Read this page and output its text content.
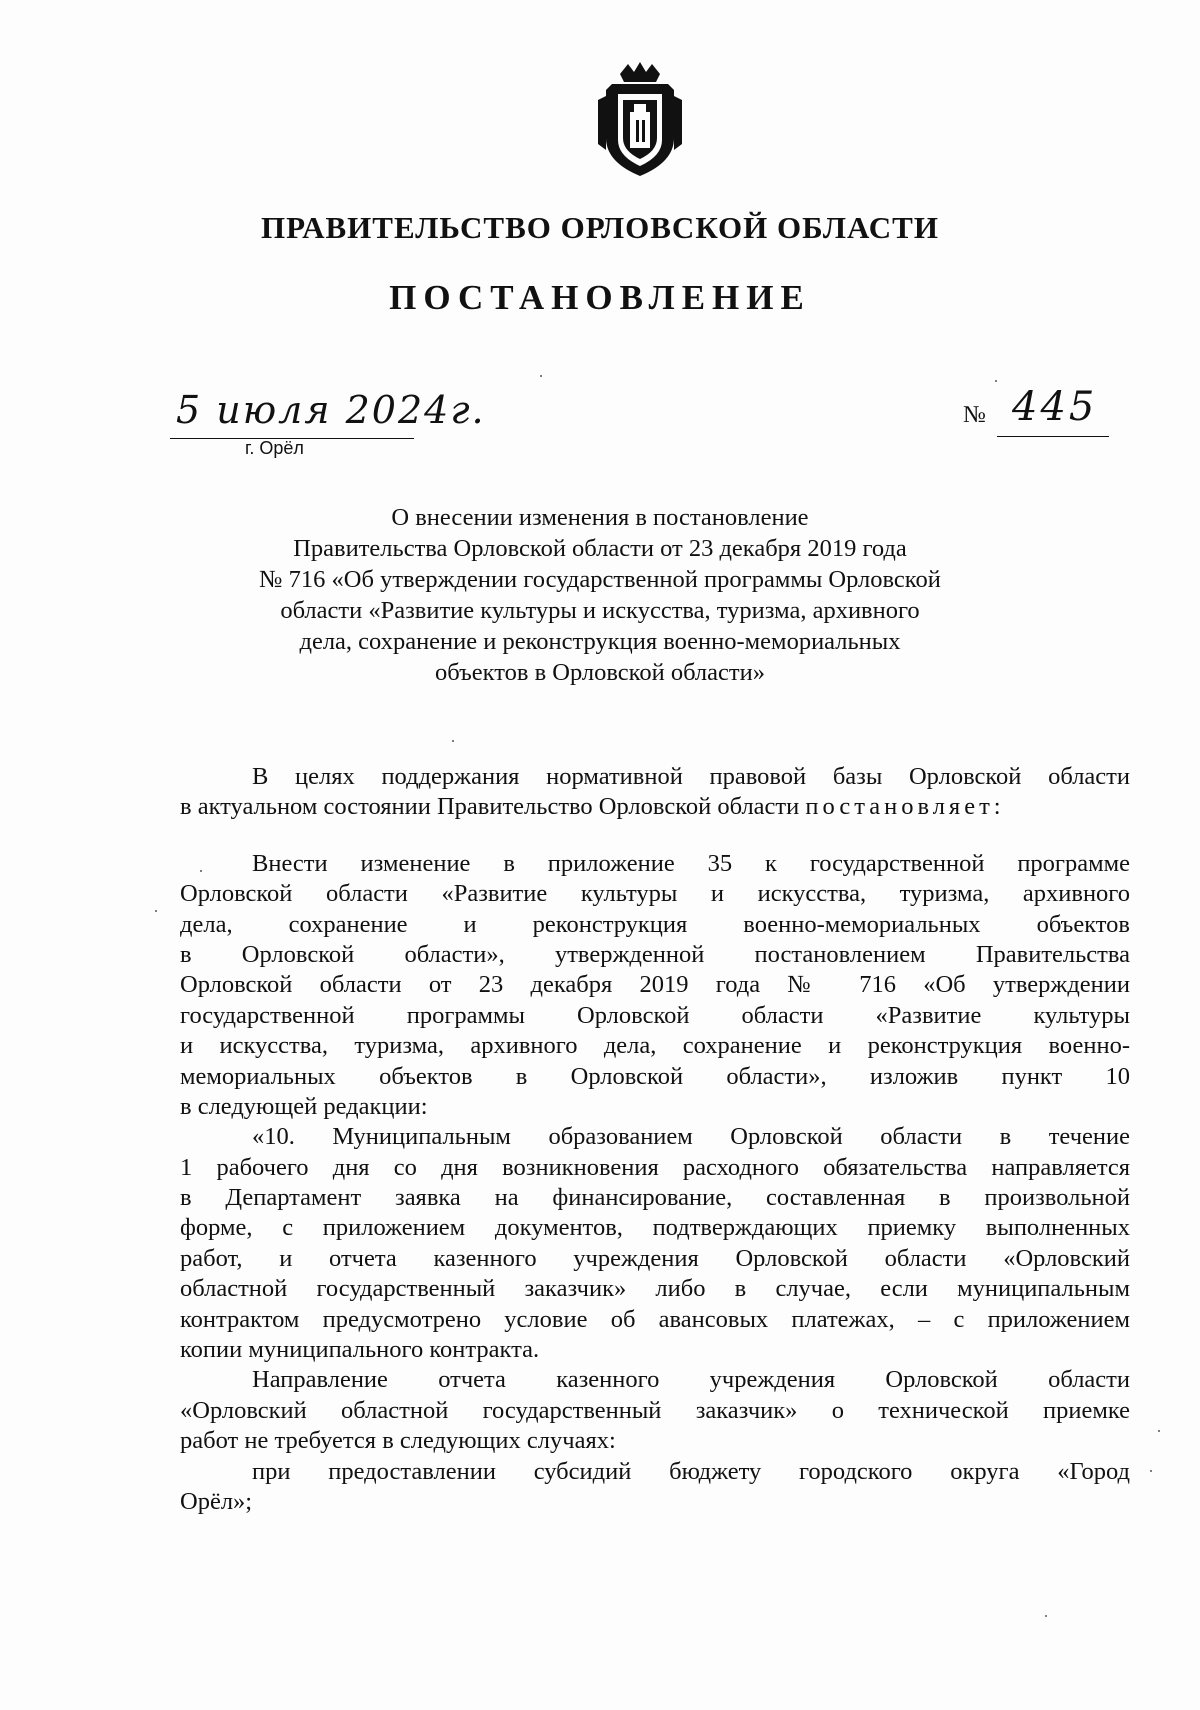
ПРАВИТЕЛЬСТВО ОРЛОВСКОЙ ОБЛАСТИ
ПОСТАНОВЛЕНИЕ
5 июля 2024г.
г. Орёл
№ 445
О внесении изменения в постановление
Правительства Орловской области от 23 декабря 2019 года
№ 716 «Об утверждении государственной программы Орловской
области «Развитие культуры и искусства, туризма, архивного
дела, сохранение и реконструкция военно-мемориальных
объектов в Орловской области»
В целях поддержания нормативной правовой базы Орловской области
в актуальном состоянии Правительство Орловской области постановляет:
Внести изменение в приложение 35 к государственной программе
Орловской области «Развитие культуры и искусства, туризма, архивного
дела, сохранение и реконструкция военно-мемориальных объектов
в Орловской области», утвержденной постановлением Правительства
Орловской области от 23 декабря 2019 года № 716 «Об утверждении
государственной программы Орловской области «Развитие культуры
и искусства, туризма, архивного дела, сохранение и реконструкция военно-
мемориальных объектов в Орловской области», изложив пункт 10
в следующей редакции:
«10. Муниципальным образованием Орловской области в течение
1 рабочего дня со дня возникновения расходного обязательства направляется
в Департамент заявка на финансирование, составленная в произвольной
форме, с приложением документов, подтверждающих приемку выполненных
работ, и отчета казенного учреждения Орловской области «Орловский
областной государственный заказчик» либо в случае, если муниципальным
контрактом предусмотрено условие об авансовых платежах, – с приложением
копии муниципального контракта.
Направление отчета казенного учреждения Орловской области
«Орловский областной государственный заказчик» о технической приемке
работ не требуется в следующих случаях:
при предоставлении субсидий бюджету городского округа «Город
Орёл»;
